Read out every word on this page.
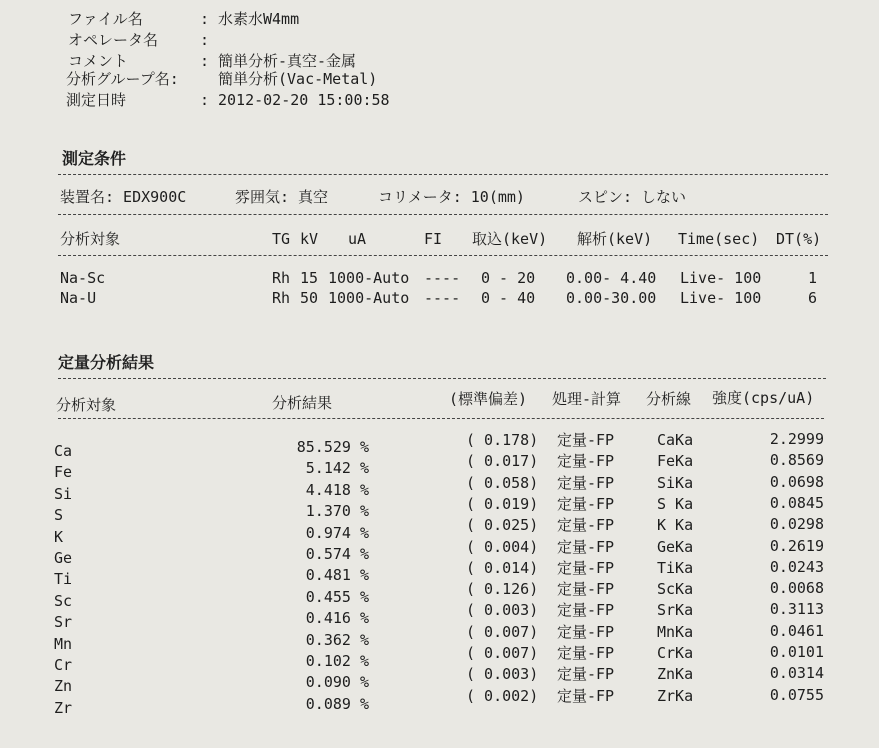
ファイル名	: 水素水W4mm
オペレータ名	:
コメント	: 簡単分析-真空-金属
分析グループ名:	簡単分析(Vac-Metal)
測定日時	: 2012-02-20 15:00:58
測定条件
装置名: EDX900C	雰囲気: 真空	コリメータ: 10(mm)	スピン: しない
分析対象	TG kV uA	FI 取込(keV) 解析(keV) Time(sec) DT(%)
Na-Sc	Rh 15 1000-Auto ---- 0 - 20 0.00- 4.40 Live- 100	1
Na-U	Rh 50 1000-Auto ---- 0 - 40 0.00-30.00 Live- 100	6
定量分析結果
分析対象	分析結果	(標準偏差) 処理-計算 分析線 強度(cps/uA)
Ca	85.529 %	( 0.178) 定量-FP	CaKa	2.2999
Fe	5.142 %	( 0.017) 定量-FP	FeKa	0.8569
Si	4.418 %	( 0.058) 定量-FP	SiKa	0.0698
S	1.370 %	( 0.019) 定量-FP	S Ka	0.0845
K	0.974 %	( 0.025) 定量-FP	K Ka	0.0298
Ge	0.574 %	( 0.004) 定量-FP	GeKa	0.2619
Ti	0.481 %	( 0.014) 定量-FP	TiKa	0.0243
Sc	0.455 %	( 0.126) 定量-FP	ScKa	0.0068
Sr	0.416 %	( 0.003) 定量-FP	SrKa	0.3113
Mn	0.362 %	( 0.007) 定量-FP	MnKa	0.0461
Cr	0.102 %	( 0.007) 定量-FP	CrKa	0.0101
Zn	0.090 %	( 0.003) 定量-FP	ZnKa	0.0314
Zr	0.089 %	( 0.002) 定量-FP	ZrKa	0.0755
